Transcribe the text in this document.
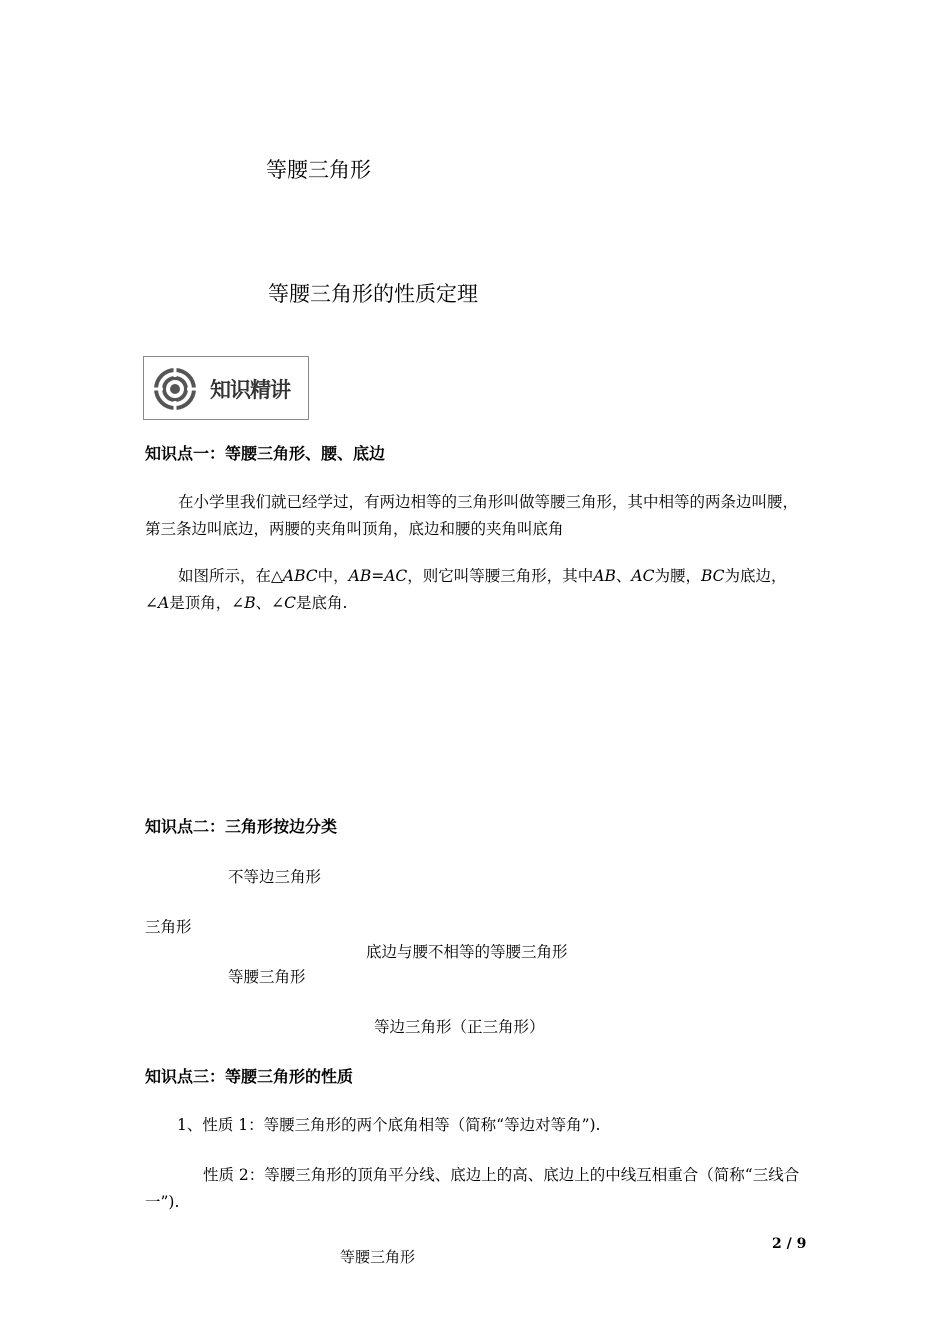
等腰三角形
等腰三角形的性质定理
知识精讲
知识点一：等腰三角形、腰、底边
在小学里我们就已经学过，有两边相等的三角形叫做等腰三角形，其中相等的两条边叫腰，第三条边叫底边，两腰的夹角叫顶角，底边和腰的夹角叫底角
如图所示，在△ABC中，AB=AC，则它叫等腰三角形，其中AB、AC为腰，BC为底边，∠A是顶角，∠B、∠C是底角.
知识点二：三角形按边分类
不等边三角形
三角形
底边与腰不相等的等腰三角形
等腰三角形
等边三角形（正三角形）
知识点三：等腰三角形的性质
1、性质 1：等腰三角形的两个底角相等（简称“等边对等角”).
性质 2：等腰三角形的顶角平分线、底边上的高、底边上的中线互相重合（简称“三线合一”).
2 / 9
等腰三角形
